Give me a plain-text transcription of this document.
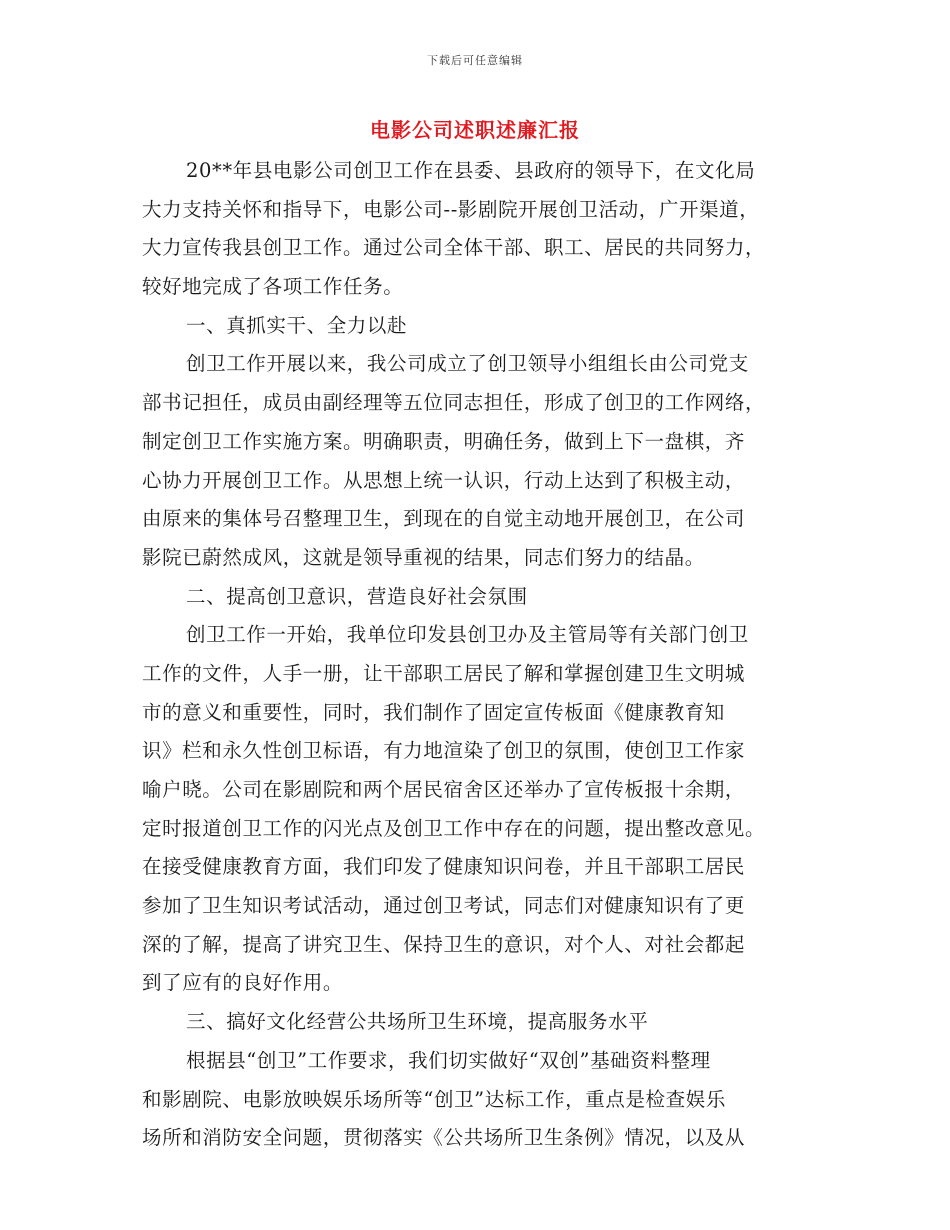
下载后可任意编辑
电影公司述职述廉汇报
20**年县电影公司创卫工作在县委、县政府的领导下，在文化局
大力支持关怀和指导下，电影公司--影剧院开展创卫活动，广开渠道，
大力宣传我县创卫工作。通过公司全体干部、职工、居民的共同努力，
较好地完成了各项工作任务。
一、真抓实干、全力以赴
创卫工作开展以来，我公司成立了创卫领导小组组长由公司党支
部书记担任，成员由副经理等五位同志担任，形成了创卫的工作网络，
制定创卫工作实施方案。明确职责，明确任务，做到上下一盘棋，齐
心协力开展创卫工作。从思想上统一认识，行动上达到了积极主动，
由原来的集体号召整理卫生，到现在的自觉主动地开展创卫，在公司
影院已蔚然成风，这就是领导重视的结果，同志们努力的结晶。
二、提高创卫意识，营造良好社会氛围
创卫工作一开始，我单位印发县创卫办及主管局等有关部门创卫
工作的文件，人手一册，让干部职工居民了解和掌握创建卫生文明城
市的意义和重要性，同时，我们制作了固定宣传板面《健康教育知
识》栏和永久性创卫标语，有力地渲染了创卫的氛围，使创卫工作家
喻户晓。公司在影剧院和两个居民宿舍区还举办了宣传板报十余期，
定时报道创卫工作的闪光点及创卫工作中存在的问题，提出整改意见。
在接受健康教育方面，我们印发了健康知识问卷，并且干部职工居民
参加了卫生知识考试活动，通过创卫考试，同志们对健康知识有了更
深的了解，提高了讲究卫生、保持卫生的意识，对个人、对社会都起
到了应有的良好作用。
三、搞好文化经营公共场所卫生环境，提高服务水平
根据县“创卫”工作要求，我们切实做好“双创”基础资料整理
和影剧院、电影放映娱乐场所等“创卫”达标工作，重点是检查娱乐
场所和消防安全问题，贯彻落实《公共场所卫生条例》情况，以及从
